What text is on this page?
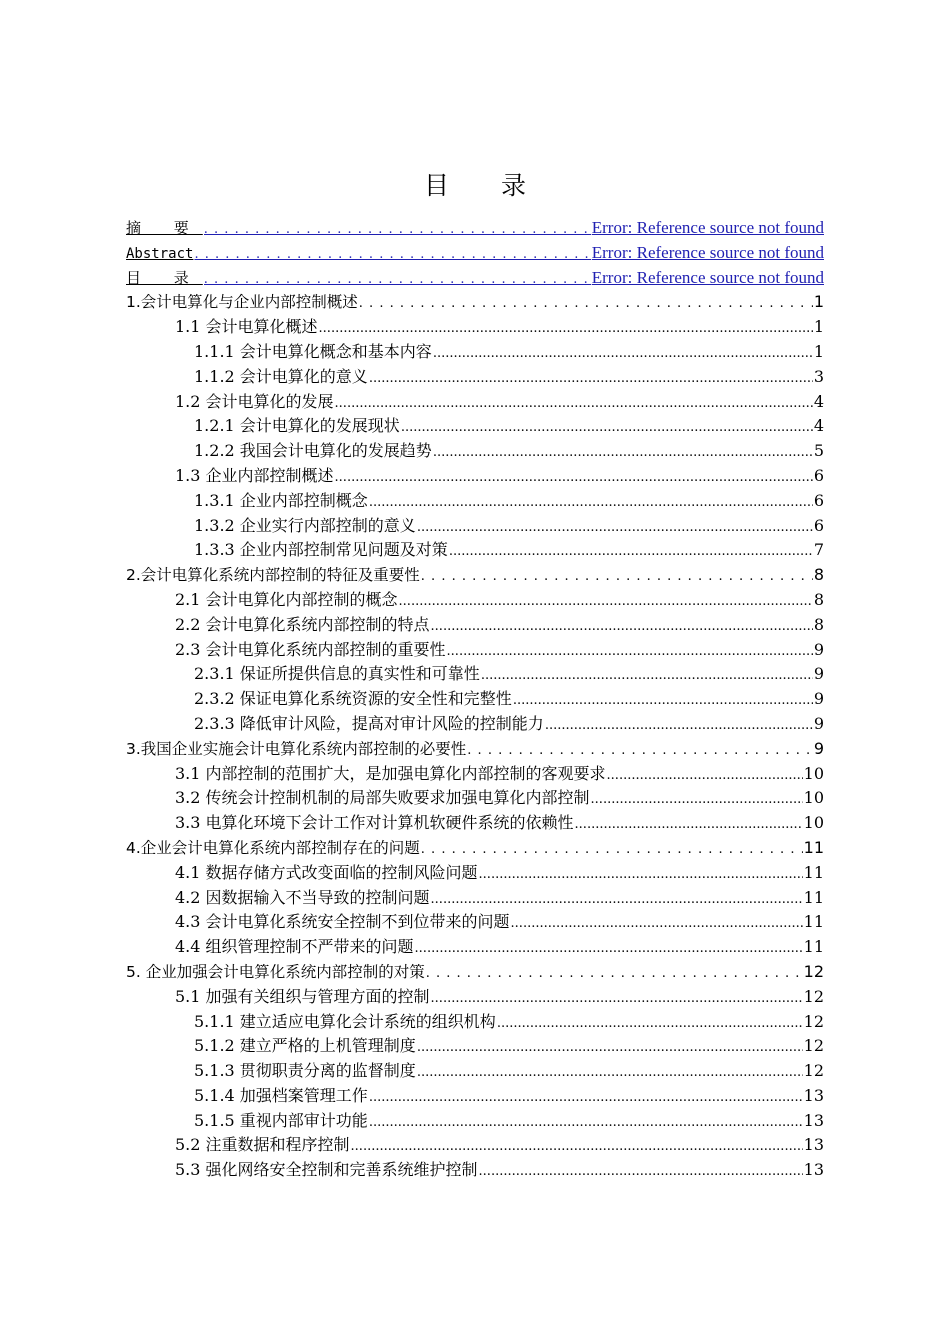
目 录
摘 要 . . .	Error: Reference source not found
Abstract . . .	Error: Reference source not found
目 录 . . .	Error: Reference source not found
1.会计电算化与企业内部控制概述 . . .	1
1.1 会计电算化概述 .....	1
1.1.1 会计电算化概念和基本内容 .....	1
1.1.2 会计电算化的意义 .....	3
1.2 会计电算化的发展 .....	4
1.2.1 会计电算化的发展现状 .....	4
1.2.2 我国会计电算化的发展趋势 .....	5
1.3 企业内部控制概述 .....	6
1.3.1 企业内部控制概念 .....	6
1.3.2 企业实行内部控制的意义 .....	6
1.3.3 企业内部控制常见问题及对策 .....	7
2.会计电算化系统内部控制的特征及重要性 . . .	8
2.1 会计电算化内部控制的概念 .....	8
2.2 会计电算化系统内部控制的特点 .....	8
2.3 会计电算化系统内部控制的重要性 .....	9
2.3.1 保证所提供信息的真实性和可靠性 .....	9
2.3.2 保证电算化系统资源的安全性和完整性 .....	9
2.3.3 降低审计风险，提高对审计风险的控制能力 .....	9
3.我国企业实施会计电算化系统内部控制的必要性 . . .	9
3.1 内部控制的范围扩大，是加强电算化内部控制的客观要求 .....	10
3.2 传统会计控制机制的局部失败要求加强电算化内部控制 .....	10
3.3 电算化环境下会计工作对计算机软硬件系统的依赖性 .....	10
4.企业会计电算化系统内部控制存在的问题 . . .	11
4.1 数据存储方式改变面临的控制风险问题 .....	11
4.2 因数据输入不当导致的控制问题 .....	11
4.3 会计电算化系统安全控制不到位带来的问题 .....	11
4.4 组织管理控制不严带来的问题 .....	11
5. 企业加强会计电算化系统内部控制的对策 . . .	12
5.1 加强有关组织与管理方面的控制 .....	12
5.1.1 建立适应电算化会计系统的组织机构 .....	12
5.1.2 建立严格的上机管理制度 .....	12
5.1.3 贯彻职责分离的监督制度 .....	12
5.1.4 加强档案管理工作 .....	13
5.1.5 重视内部审计功能 .....	13
5.2 注重数据和程序控制 .....	13
5.3 强化网络安全控制和完善系统维护控制 .....	13
